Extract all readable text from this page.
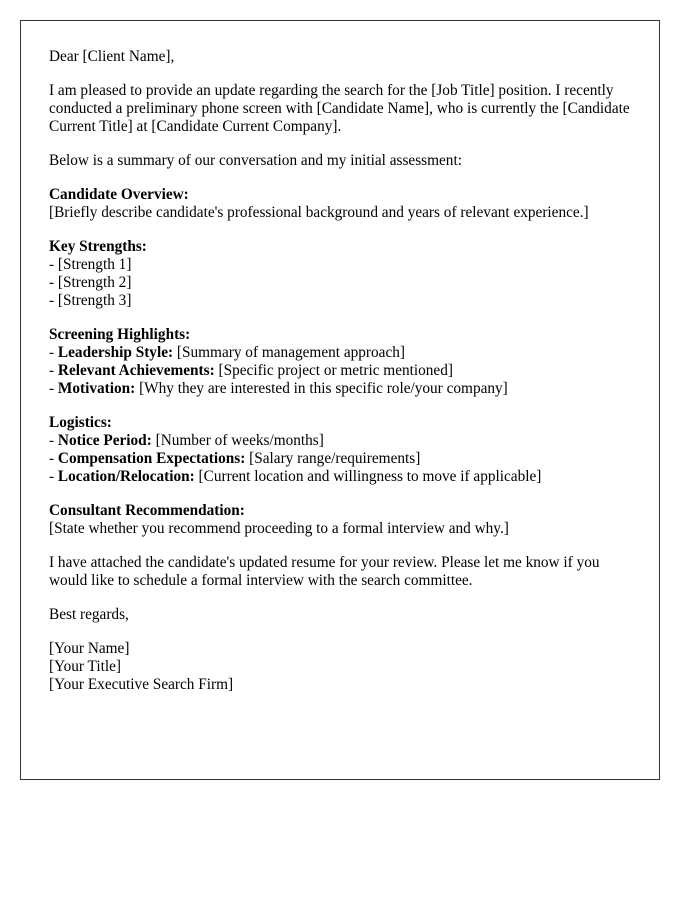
Dear [Client Name],

I am pleased to provide an update regarding the search for the [Job Title] position. I recently conducted a preliminary phone screen with [Candidate Name], who is currently the [Candidate Current Title] at [Candidate Current Company].

Below is a summary of our conversation and my initial assessment:

Candidate Overview:
[Briefly describe candidate's professional background and years of relevant experience.]
Key Strengths:
- [Strength 1]
- [Strength 2]
- [Strength 3]
Screening Highlights:
- Leadership Style: [Summary of management approach]
- Relevant Achievements: [Specific project or metric mentioned]
- Motivation: [Why they are interested in this specific role/your company]
Logistics:
- Notice Period: [Number of weeks/months]
- Compensation Expectations: [Salary range/requirements]
- Location/Relocation: [Current location and willingness to move if applicable]
Consultant Recommendation:
[State whether you recommend proceeding to a formal interview and why.]

I have attached the candidate's updated resume for your review. Please let me know if you would like to schedule a formal interview with the search committee.

Best regards,

[Your Name]
[Your Title]
[Your Executive Search Firm]
